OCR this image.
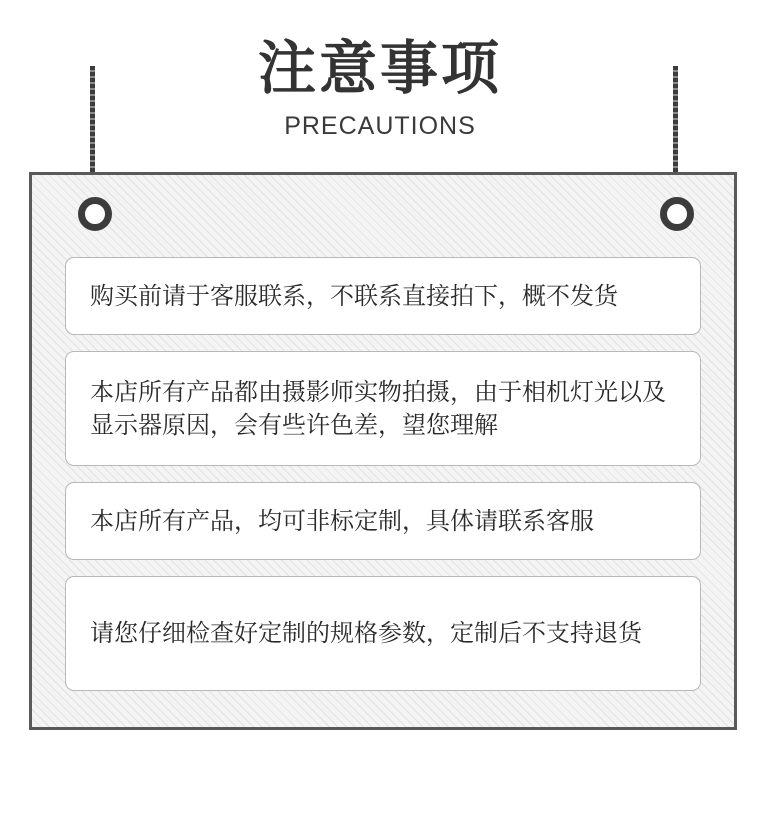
注意事项
PRECAUTIONS
购买前请于客服联系，不联系直接拍下，概不发货
本店所有产品都由摄影师实物拍摄，由于相机灯光以及显示器原因，会有些许色差，望您理解
本店所有产品，均可非标定制，具体请联系客服
请您仔细检查好定制的规格参数，定制后不支持退货
